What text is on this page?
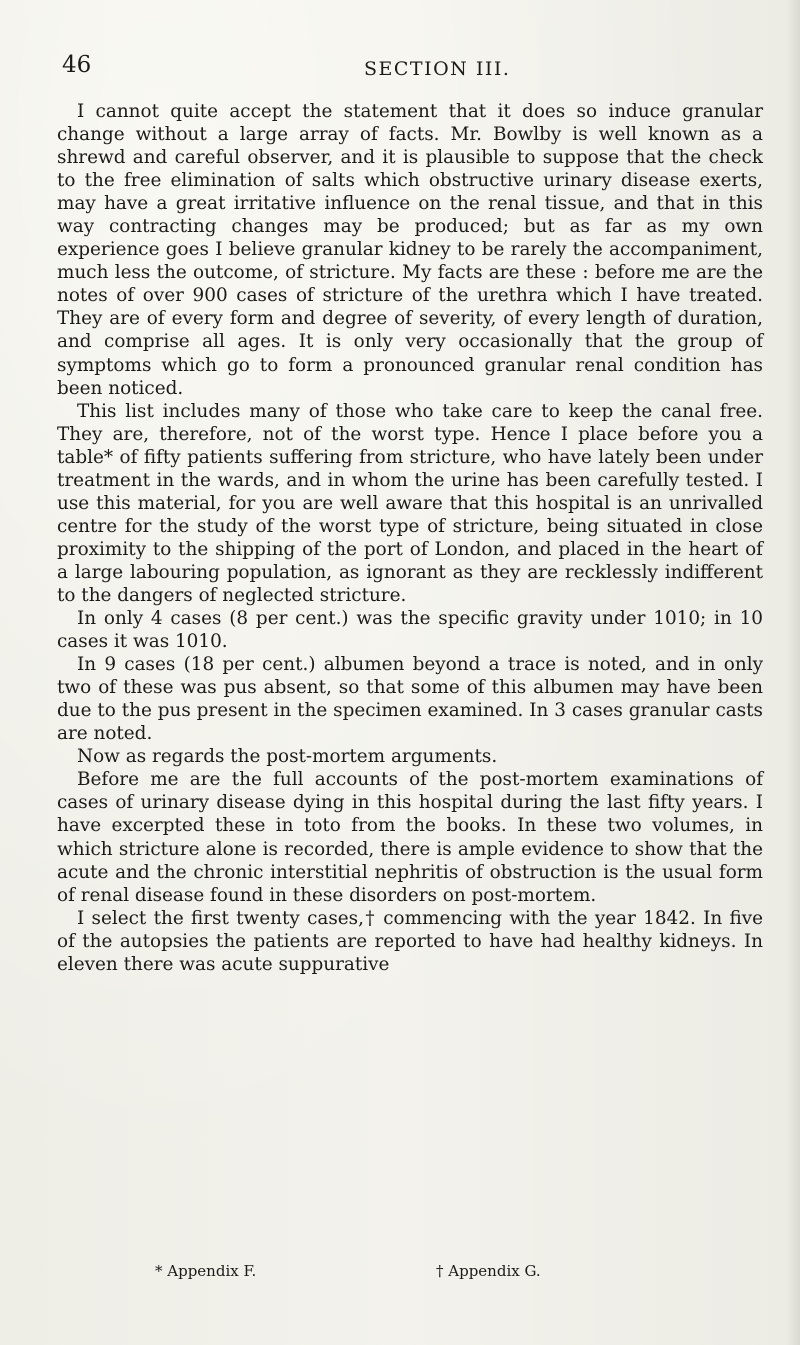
46	SECTION III.

I cannot quite accept the statement that it does so induce granular change without a large array of facts. Mr. Bowlby is well known as a shrewd and careful observer, and it is plausible to suppose that the check to the free elimination of salts which obstructive urinary disease exerts, may have a great irritative influence on the renal tissue, and that in this way contracting changes may be produced; but as far as my own experience goes I believe granular kidney to be rarely the accompaniment, much less the outcome, of stricture. My facts are these : before me are the notes of over 900 cases of stricture of the urethra which I have treated. They are of every form and degree of severity, of every length of duration, and comprise all ages. It is only very occasionally that the group of symptoms which go to form a pronounced granular renal condition has been noticed.

This list includes many of those who take care to keep the canal free. They are, therefore, not of the worst type. Hence I place before you a table* of fifty patients suffering from stricture, who have lately been under treatment in the wards, and in whom the urine has been carefully tested. I use this material, for you are well aware that this hospital is an unrivalled centre for the study of the worst type of stricture, being situated in close proximity to the shipping of the port of London, and placed in the heart of a large labouring population, as ignorant as they are recklessly indifferent to the dangers of neglected stricture.

In only 4 cases (8 per cent.) was the specific gravity under 1010; in 10 cases it was 1010.

In 9 cases (18 per cent.) albumen beyond a trace is noted, and in only two of these was pus absent, so that some of this albumen may have been due to the pus present in the specimen examined. In 3 cases granular casts are noted.

Now as regards the post-mortem arguments.

Before me are the full accounts of the post-mortem examinations of cases of urinary disease dying in this hospital during the last fifty years. I have excerpted these in toto from the books. In these two volumes, in which stricture alone is recorded, there is ample evidence to show that the acute and the chronic interstitial nephritis of obstruction is the usual form of renal disease found in these disorders on post-mortem.

I select the first twenty cases,† commencing with the year 1842. In five of the autopsies the patients are reported to have had healthy kidneys. In eleven there was acute suppurative

* Appendix F.	† Appendix G.
